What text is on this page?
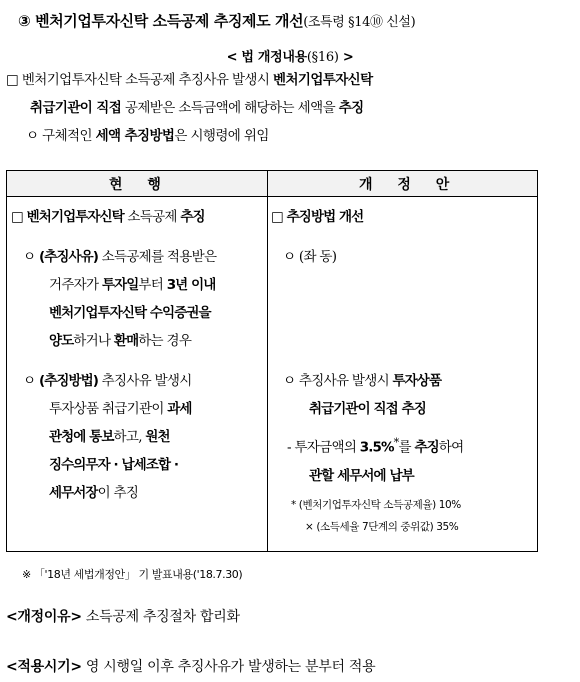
③ 벤처기업투자신탁 소득공제 추징제도 개선(조특령 §14⑩ 신설)
< 법 개정내용(§16) >
□ 벤처기업투자신탁 소득공제 추징사유 발생시 벤처기업투자신탁
취급기관이 직접 공제받은 소득금액에 해당하는 세액을 추징
ㅇ 구체적인 세액 추징방법은 시행령에 위임
현 행	개 정 안
□ 벤처기업투자신탁 소득공제 추징
ㅇ (추징사유) 소득공제를 적용받은
거주자가 투자일부터 3년 이내
벤처기업투자신탁 수익증권을
양도하거나 환매하는 경우
ㅇ (추징방법) 추징사유 발생시
투자상품 취급기관이 과세
관청에 통보하고, 원천
징수의무자 · 납세조합 ·
세무서장이 추징
□ 추징방법 개선
ㅇ (좌 동)
ㅇ 추징사유 발생시 투자상품
취급기관이 직접 추징
- 투자금액의 3.5%*를 추징하여
관할 세무서에 납부
* (벤처기업투자신탁 소득공제율) 10%
× (소득세율 7단계의 중위값) 35%
※ 「'18년 세법개정안」 기 발표내용('18.7.30)
<개정이유> 소득공제 추징절차 합리화
<적용시기> 영 시행일 이후 추징사유가 발생하는 분부터 적용
